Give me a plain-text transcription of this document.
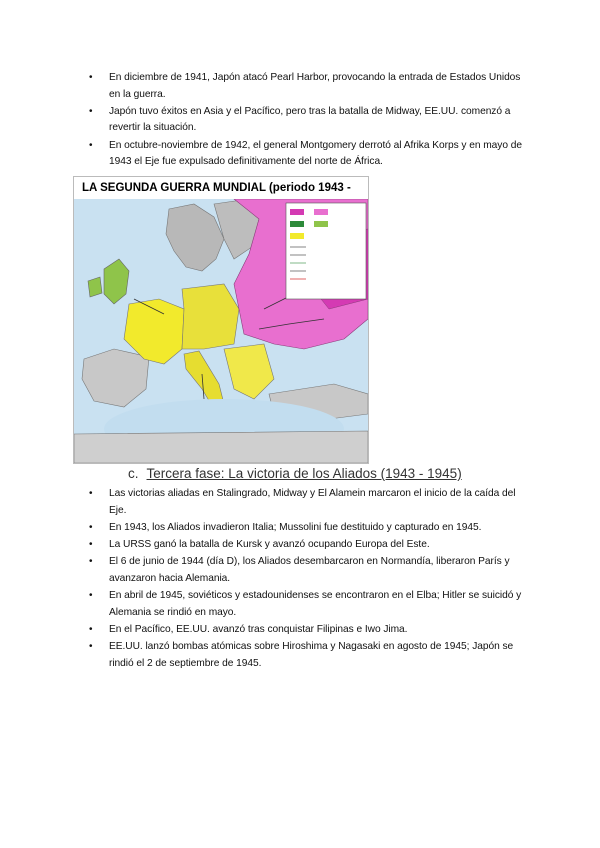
• En diciembre de 1941, Japón atacó Pearl Harbor, provocando la entrada de Estados Unidos en la guerra.
• Japón tuvo éxitos en Asia y el Pacífico, pero tras la batalla de Midway, EE.UU. comenzó a revertir la situación.
• En octubre-noviembre de 1942, el general Montgomery derrotó al Afrika Korps y en mayo de 1943 el Eje fue expulsado definitivamente del norte de África.
LA SEGUNDA GUERRA MUNDIAL (periodo 1943 -
c. Tercera fase: La victoria de los Aliados (1943 - 1945)
• Las victorias aliadas en Stalingrado, Midway y El Alamein marcaron el inicio de la caída del Eje.
• En 1943, los Aliados invadieron Italia; Mussolini fue destituido y capturado en 1945.
• La URSS ganó la batalla de Kursk y avanzó ocupando Europa del Este.
• El 6 de junio de 1944 (día D), los Aliados desembarcaron en Normandía, liberaron París y avanzaron hacia Alemania.
• En abril de 1945, soviéticos y estadounidenses se encontraron en el Elba; Hitler se suicidó y Alemania se rindió en mayo.
• En el Pacífico, EE.UU. avanzó tras conquistar Filipinas e Iwo Jima.
• EE.UU. lanzó bombas atómicas sobre Hiroshima y Nagasaki en agosto de 1945; Japón se rindió el 2 de septiembre de 1945.
